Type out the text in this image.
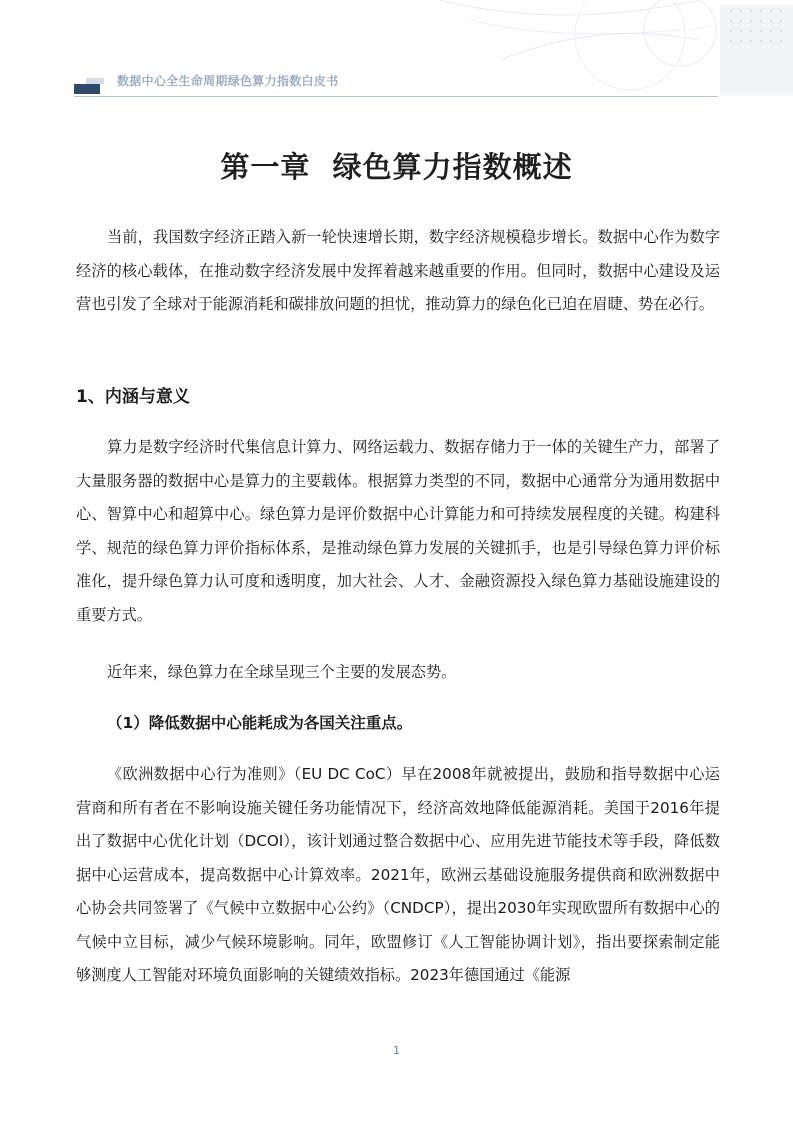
数据中心全生命周期绿色算力指数白皮书
第一章  绿色算力指数概述

当前，我国数字经济正踏入新一轮快速增长期，数字经济规模稳步增长。数据中心作为数字经济的核心载体，在推动数字经济发展中发挥着越来越重要的作用。但同时，数据中心建设及运营也引发了全球对于能源消耗和碳排放问题的担忧，推动算力的绿色化已迫在眉睫、势在必行。

1、内涵与意义

算力是数字经济时代集信息计算力、网络运载力、数据存储力于一体的关键生产力，部署了大量服务器的数据中心是算力的主要载体。根据算力类型的不同，数据中心通常分为通用数据中心、智算中心和超算中心。绿色算力是评价数据中心计算能力和可持续发展程度的关键。构建科学、规范的绿色算力评价指标体系，是推动绿色算力发展的关键抓手，也是引导绿色算力评价标准化，提升绿色算力认可度和透明度，加大社会、人才、金融资源投入绿色算力基础设施建设的重要方式。

近年来，绿色算力在全球呈现三个主要的发展态势。

（1）降低数据中心能耗成为各国关注重点。

《欧洲数据中心行为准则》（EU DC CoC）早在2008年就被提出，鼓励和指导数据中心运营商和所有者在不影响设施关键任务功能情况下，经济高效地降低能源消耗。美国于2016年提出了数据中心优化计划（DCOI），该计划通过整合数据中心、应用先进节能技术等手段，降低数据中心运营成本，提高数据中心计算效率。2021年，欧洲云基础设施服务提供商和欧洲数据中心协会共同签署了《气候中立数据中心公约》（CNDCP），提出2030年实现欧盟所有数据中心的气候中立目标，减少气候环境影响。同年，欧盟修订《人工智能协调计划》，指出要探索制定能够测度人工智能对环境负面影响的关键绩效指标。2023年德国通过《能源

1
